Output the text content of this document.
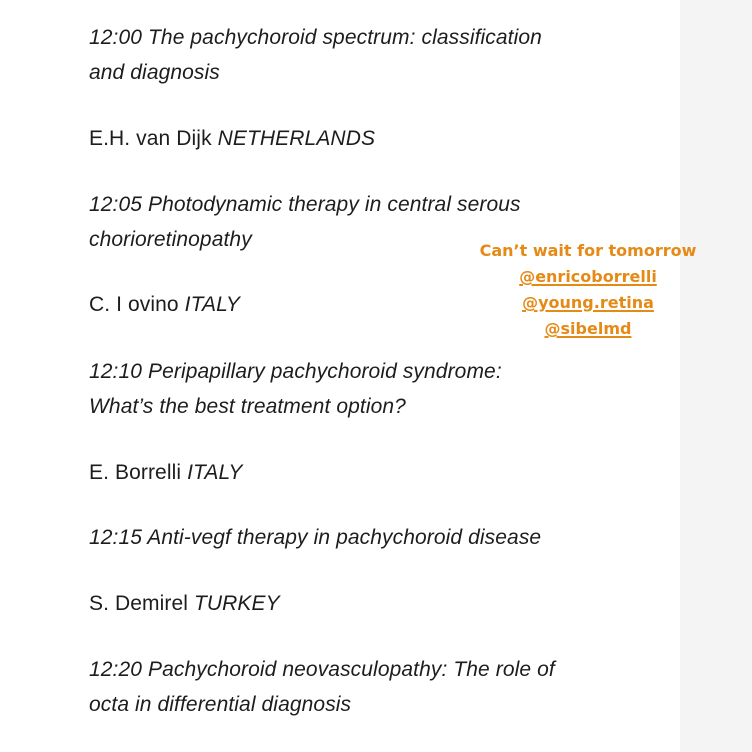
12:00 The pachychoroid spectrum: classification
and diagnosis
E.H. van Dijk NETHERLANDS
12:05 Photodynamic therapy in central serous
chorioretinopathy
C. I ovino ITALY
12:10 Peripapillary pachychoroid syndrome:
What’s the best treatment option?
E. Borrelli ITALY
12:15 Anti-vegf therapy in pachychoroid disease
S. Demirel TURKEY
12:20 Pachychoroid neovasculopathy: The role of
octa in differential diagnosis
Can’t wait for tomorrow
@enricoborrelli
@young.retina
@sibelmd
